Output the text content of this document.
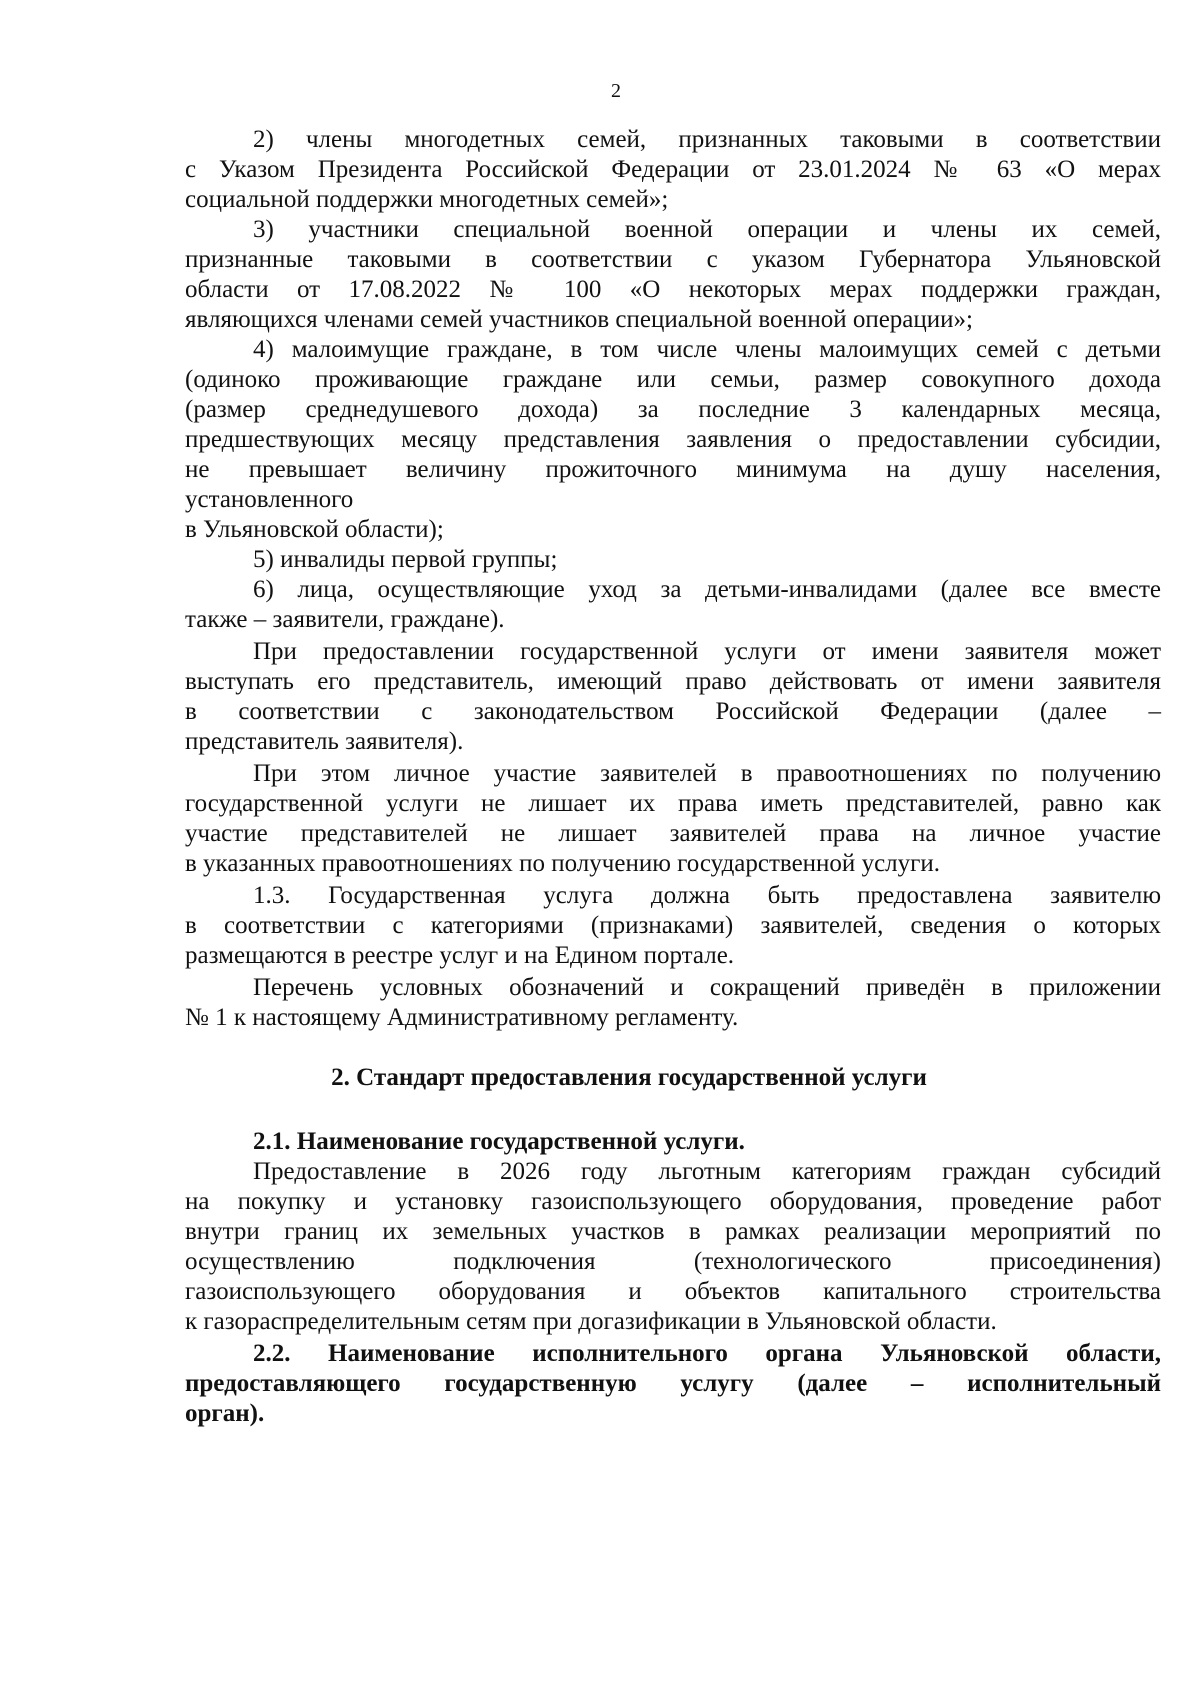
2
2) члены многодетных семей, признанных таковыми в соответствии
с Указом Президента Российской Федерации от 23.01.2024 № 63 «О мерах
социальной поддержки многодетных семей»;
3) участники специальной военной операции и члены их семей,
признанные таковыми в соответствии с указом Губернатора Ульяновской
области от 17.08.2022 № 100 «О некоторых мерах поддержки граждан,
являющихся членами семей участников специальной военной операции»;
4) малоимущие граждане, в том числе члены малоимущих семей с детьми
(одиноко проживающие граждане или семьи, размер совокупного дохода
(размер среднедушевого дохода) за последние 3 календарных месяца,
предшествующих месяцу представления заявления о предоставлении субсидии,
не превышает величину прожиточного минимума на душу населения,
установленного
в Ульяновской области);
5) инвалиды первой группы;
6) лица, осуществляющие уход за детьми-инвалидами (далее все вместе
также – заявители, граждане).
При предоставлении государственной услуги от имени заявителя может
выступать его представитель, имеющий право действовать от имени заявителя
в соответствии с законодательством Российской Федерации (далее –
представитель заявителя).
При этом личное участие заявителей в правоотношениях по получению
государственной услуги не лишает их права иметь представителей, равно как
участие представителей не лишает заявителей права на личное участие
в указанных правоотношениях по получению государственной услуги.
1.3. Государственная услуга должна быть предоставлена заявителю
в соответствии с категориями (признаками) заявителей, сведения о которых
размещаются в реестре услуг и на Едином портале.
Перечень условных обозначений и сокращений приведён в приложении
№ 1 к настоящему Административному регламенту.
2. Стандарт предоставления государственной услуги
2.1. Наименование государственной услуги.
Предоставление в 2026 году льготным категориям граждан субсидий
на покупку и установку газоиспользующего оборудования, проведение работ
внутри границ их земельных участков в рамках реализации мероприятий по
осуществлению подключения (технологического присоединения)
газоиспользующего оборудования и объектов капитального строительства
к газораспределительным сетям при догазификации в Ульяновской области.
2.2. Наименование исполнительного органа Ульяновской области,
предоставляющего государственную услугу (далее – исполнительный
орган).
